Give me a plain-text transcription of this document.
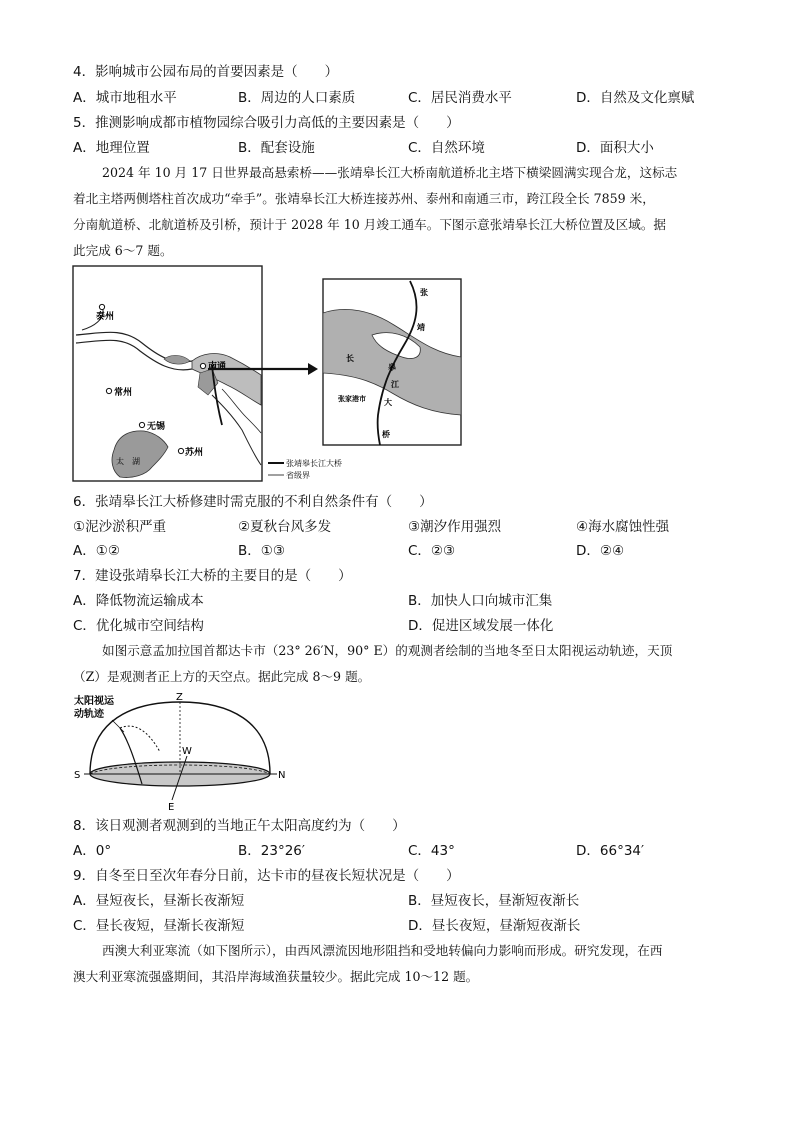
4．影响城市公园布局的首要因素是（　　）
A．城市地租水平	B．周边的人口素质	C．居民消费水平	D．自然及文化禀赋
5．推测影响成都市植物园综合吸引力高低的主要因素是（　　）
A．地理位置	B．配套设施	C．自然环境	D．面积大小
2024 年 10 月 17 日世界最高悬索桥——张靖皋长江大桥南航道桥北主塔下横梁圆满实现合龙，这标志
着北主塔两侧塔柱首次成功“牵手”。张靖皋长江大桥连接苏州、泰州和南通三市，跨江段全长 7859 米，
分南航道桥、北航道桥及引桥，预计于 2028 年 10 月竣工通车。下图示意张靖皋长江大桥位置及区域。据
此完成 6～7 题。
泰州
南通
常州
无锡
苏州
太　湖	张靖皋长江大桥
省级界
张
靖
皋
江
大
桥
长
张家港市
6．张靖皋长江大桥修建时需克服的不利自然条件有（　　）
①泥沙淤积严重	②夏秋台风多发	③潮汐作用强烈	④海水腐蚀性强
A．①②	B．①③	C．②③	D．②④
7．建设张靖皋长江大桥的主要目的是（　　）
A．降低物流运输成本	B．加快人口向城市汇集
C．优化城市空间结构	D．促进区域发展一体化
如图示意孟加拉国首都达卡市（23° 26′N，90° E）的观测者绘制的当地冬至日太阳视运动轨迹，天顶
（Z）是观测者正上方的天空点。据此完成 8～9 题。
太阳视运
动轨迹
Z
W
S	N
E
8．该日观测者观测到的当地正午太阳高度约为（　　）
A．0°	B．23°26′	C．43°	D．66°34′
9．自冬至日至次年春分日前，达卡市的昼夜长短状况是（　　）
A．昼短夜长，昼渐长夜渐短	B．昼短夜长，昼渐短夜渐长
C．昼长夜短，昼渐长夜渐短	D．昼长夜短，昼渐短夜渐长
西澳大利亚寒流（如下图所示），由西风漂流因地形阻挡和受地转偏向力影响而形成。研究发现，在西
澳大利亚寒流强盛期间，其沿岸海域渔获量较少。据此完成 10～12 题。
